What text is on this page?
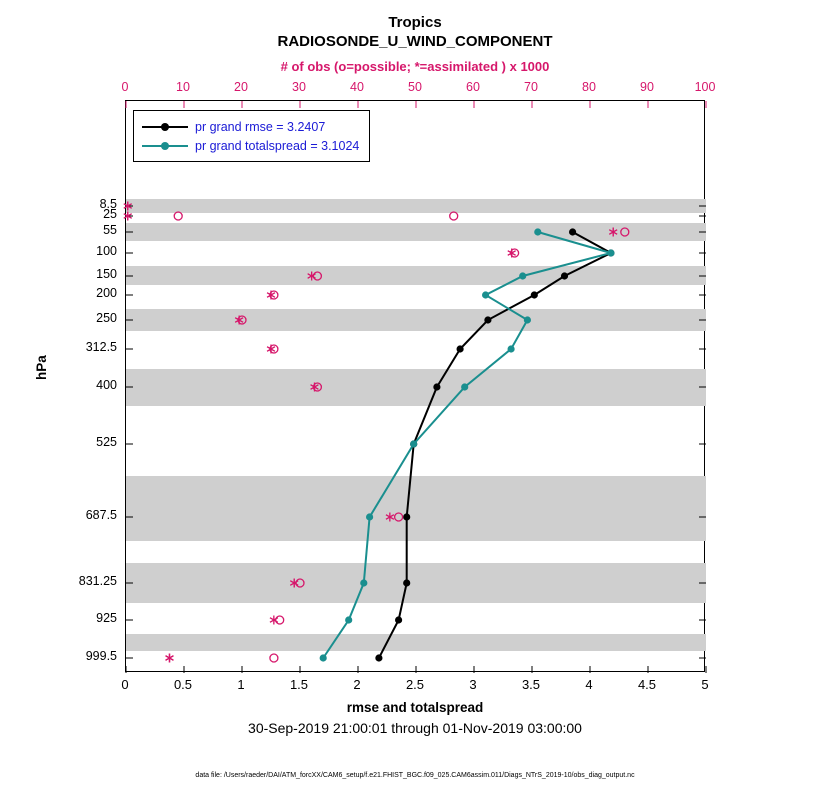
Tropics
RADIOSONDE_U_WIND_COMPONENT
# of obs (o=possible; *=assimilated ) x 1000
pr grand rmse = 3.2407
pr grand totalspread = 3.1024
hPa
rmse and totalspread
30-Sep-2019 21:00:01 through 01-Nov-2019 03:00:00
data file: /Users/raeder/DAI/ATM_forcXX/CAM6_setup/f.e21.FHIST_BGC.f09_025.CAM6assim.011/Diags_NTrS_2019-10/obs_diag_output.nc
0
0
0.5
10
1
20
1.5
30
2
40
2.5
50
3
60
3.5
70
4
80
4.5
90
5
100
8.5
25
55
100
150
200
250
312.5
400
525
687.5
831.25
925
999.5
